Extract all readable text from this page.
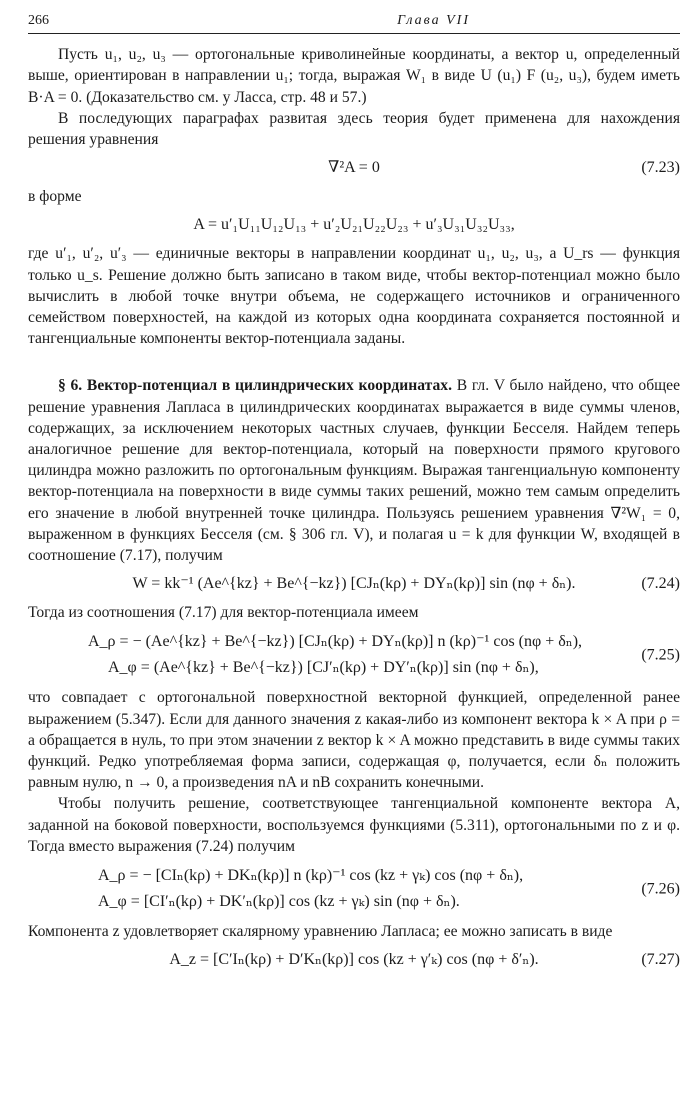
266	Глава VII

Пусть u₁, u₂, u₃ — ортогональные криволинейные координаты, а вектор u, определенный выше, ориентирован в направлении u₁; тогда, выражая W₁ в виде U (u₁) F (u₂, u₃), будем иметь B·A = 0. (Доказательство см. у Ласса, стр. 48 и 57.)

В последующих параграфах развитая здесь теория будет применена для нахождения решения уравнения

∇²A = 0	(7.23)

в форме

A = u′₁U₁₁U₁₂U₁₃ + u′₂U₂₁U₂₂U₂₃ + u′₃U₃₁U₃₂U₃₃,

где u′₁, u′₂, u′₃ — единичные векторы в направлении координат u₁, u₂, u₃, а U_rs — функция только u_s. Решение должно быть записано в таком виде, чтобы вектор-потенциал можно было вычислить в любой точке внутри объема, не содержащего источников и ограниченного семейством поверхностей, на каждой из которых одна координата сохраняется постоянной и тангенциальные компоненты вектор-потенциала заданы.

§ 6. Вектор-потенциал в цилиндрических координатах. В гл. V было найдено, что общее решение уравнения Лапласа в цилиндрических координатах выражается в виде суммы членов, содержащих, за исключением некоторых частных случаев, функции Бесселя. Найдем теперь аналогичное решение для вектор-потенциала, который на поверхности прямого кругового цилиндра можно разложить по ортогональным функциям. Выражая тангенциальную компоненту вектор-потенциала на поверхности в виде суммы таких решений, можно тем самым определить его значение в любой внутренней точке цилиндра. Пользуясь решением уравнения ∇²W₁ = 0, выраженном в функциях Бесселя (см. § 306 гл. V), и полагая u = k для функции W, входящей в соотношение (7.17), получим

W = kk⁻¹ (Ae^{kz} + Be^{−kz}) [CJₙ(kρ) + DYₙ(kρ)] sin (nφ + δₙ).	(7.24)

Тогда из соотношения (7.17) для вектор-потенциала имеем

A_ρ = − (Ae^{kz} + Be^{−kz}) [CJₙ(kρ) + DYₙ(kρ)] n (kρ)⁻¹ cos (nφ + δₙ),
A_φ = (Ae^{kz} + Be^{−kz}) [CJ′ₙ(kρ) + DY′ₙ(kρ)] sin (nφ + δₙ),
(7.25)

что совпадает с ортогональной поверхностной векторной функцией, определенной ранее выражением (5.347). Если для данного значения z какая-либо из компонент вектора k × A при ρ = a обращается в нуль, то при этом значении z вектор k × A можно представить в виде суммы таких функций. Редко употребляемая форма записи, содержащая φ, получается, если δₙ положить равным нулю, n → 0, а произведения nA и nB сохранить конечными.

Чтобы получить решение, соответствующее тангенциальной компоненте вектора A, заданной на боковой поверхности, воспользуемся функциями (5.311), ортогональными по z и φ. Тогда вместо выражения (7.24) получим

A_ρ = − [CIₙ(kρ) + DKₙ(kρ)] n (kρ)⁻¹ cos (kz + γₖ) cos (nφ + δₙ),
A_φ = [CI′ₙ(kρ) + DK′ₙ(kρ)] cos (kz + γₖ) sin (nφ + δₙ).
(7.26)

Компонента z удовлетворяет скалярному уравнению Лапласа; ее можно записать в виде

A_z = [C′Iₙ(kρ) + D′Kₙ(kρ)] cos (kz + γ′ₖ) cos (nφ + δ′ₙ).	(7.27)
